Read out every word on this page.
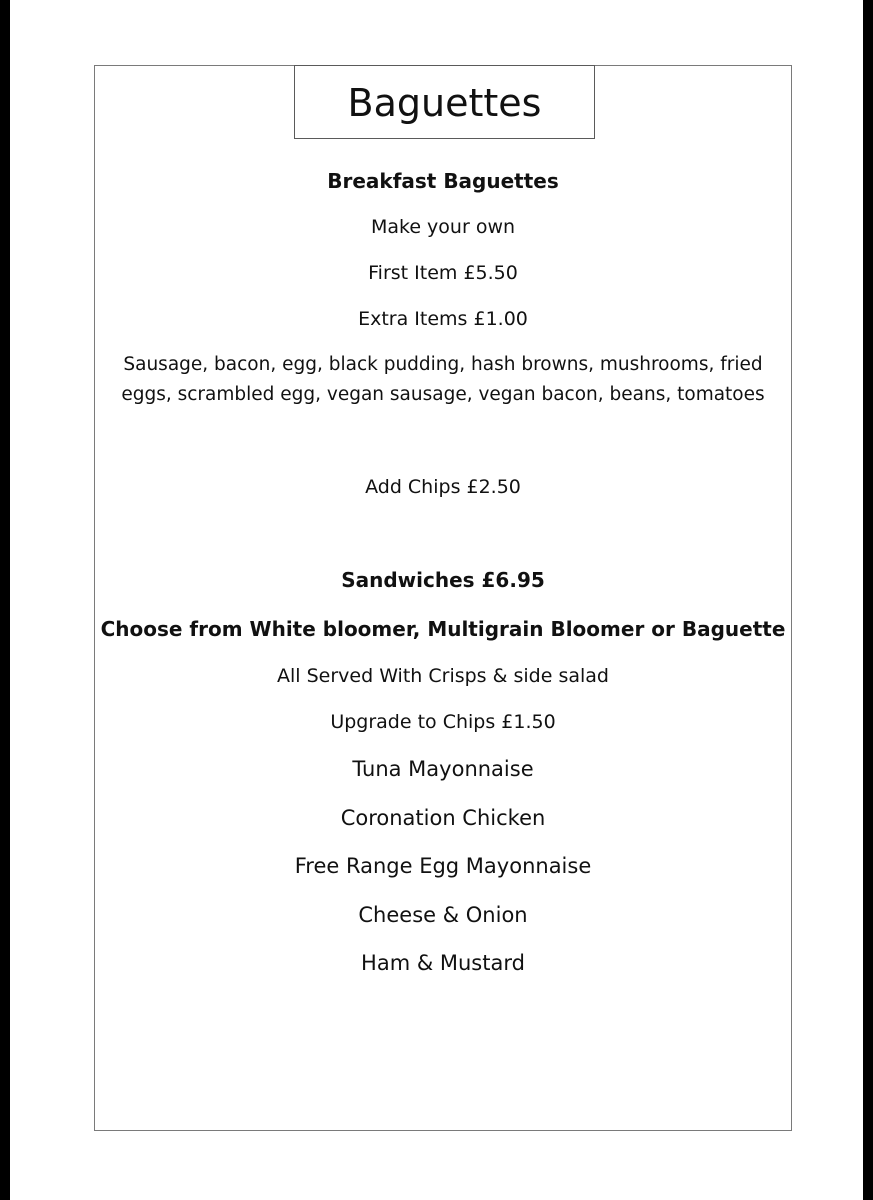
Baguettes
Breakfast Baguettes
Make your own
First Item £5.50
Extra Items £1.00
Sausage, bacon, egg, black pudding, hash browns, mushrooms, fried
eggs, scrambled egg, vegan sausage, vegan bacon, beans, tomatoes
Add Chips £2.50
Sandwiches £6.95
Choose from White bloomer, Multigrain Bloomer or Baguette
All Served With Crisps & side salad
Upgrade to Chips £1.50
Tuna Mayonnaise
Coronation Chicken
Free Range Egg Mayonnaise
Cheese & Onion
Ham & Mustard
